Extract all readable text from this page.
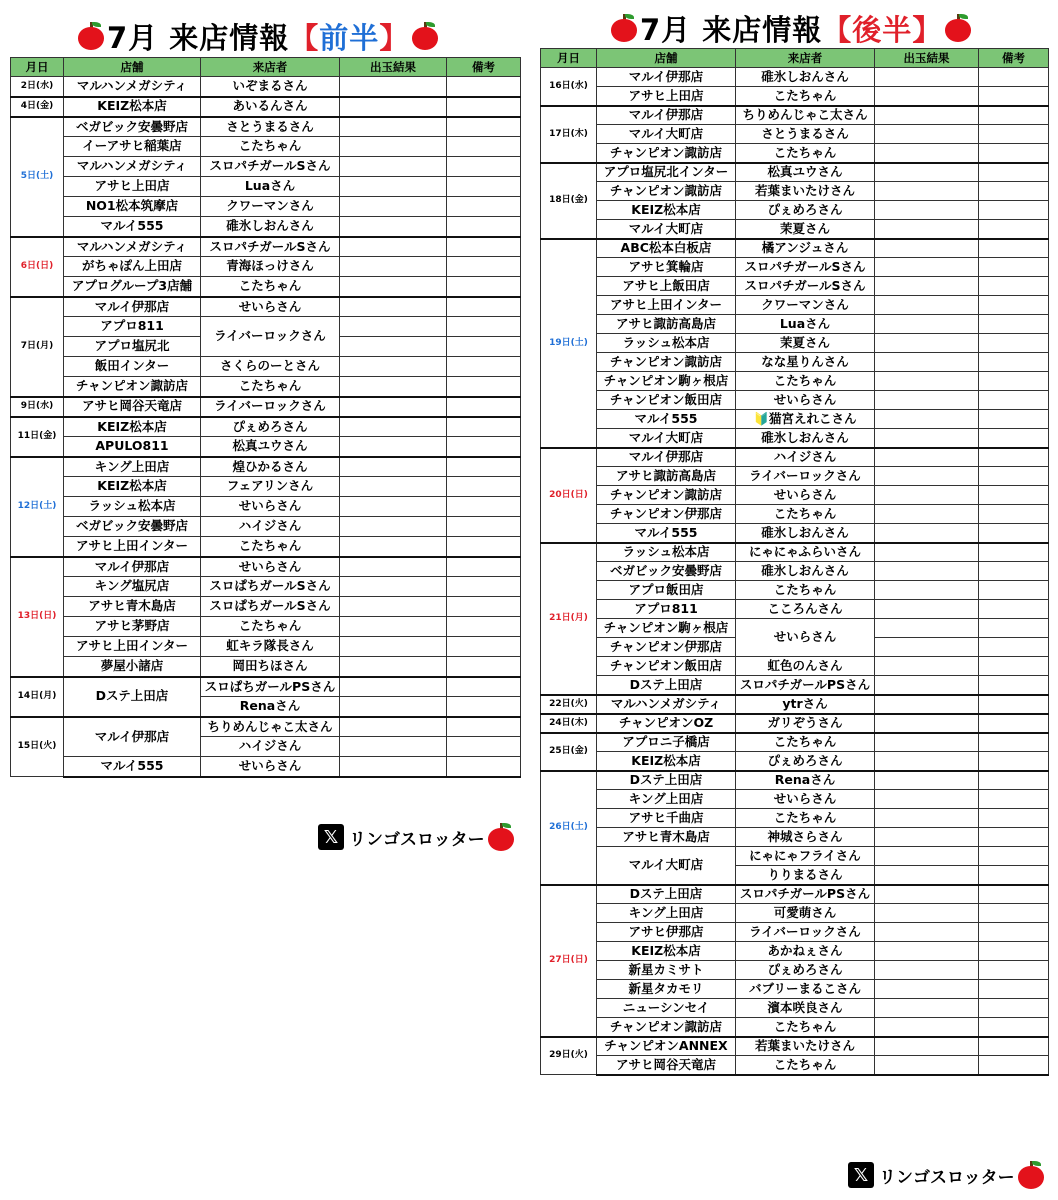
7月 来店情報 【 前半 】	7月 来店情報 【 後半 】
月日	店舗	来店者	出玉結果	備考
2日(水)	マルハンメガシティ	いぞまるさん		
4日(金)	KEIZ松本店	あいるんさん		
5日(土)	ベガビック安曇野店	さとうまるさん		
	イーアサヒ稲葉店	こたちゃん		
	マルハンメガシティ	スロパチガールSさん		
	アサヒ上田店	Luaさん		
	NO1松本筑摩店	クワーマンさん		
	マルイ555	碓氷しおんさん		
6日(日)	マルハンメガシティ	スロパチガールSさん		
	がちゃぽん上田店	青海ほっけさん		
	アプログループ3店舗	こたちゃん		
7日(月)	マルイ伊那店	せいらさん		
	アプロ811	ライバーロックさん		
	アプロ塩尻北			
	飯田インター	さくらのーとさん		
	チャンピオン諏訪店	こたちゃん		
9日(水)	アサヒ岡谷天竜店	ライバーロックさん		
11日(金)	KEIZ松本店	ぴぇめろさん		
	APULO811	松真ユウさん		
12日(土)	キング上田店	煌ひかるさん		
	KEIZ松本店	フェアリンさん		
	ラッシュ松本店	せいらさん		
	ベガビック安曇野店	ハイジさん		
	アサヒ上田インター	こたちゃん		
13日(日)	マルイ伊那店	せいらさん		
	キング塩尻店	スロぱちガールSさん		
	アサヒ青木島店	スロぱちガールSさん		
	アサヒ茅野店	こたちゃん		
	アサヒ上田インター	虹キラ隊長さん		
	夢屋小諸店	岡田ちほさん		
14日(月)	Dステ上田店	スロぱちガールPSさん		
		Renaさん		
15日(火)	マルイ伊那店	ちりめんじゃこ太さん		
		ハイジさん		
	マルイ555	せいらさん		
月日	店舗	来店者	出玉結果	備考
16日(水)	マルイ伊那店	碓氷しおんさん		
	アサヒ上田店	こたちゃん		
17日(木)	マルイ伊那店	ちりめんじゃこ太さん		
	マルイ大町店	さとうまるさん		
	チャンピオン諏訪店	こたちゃん		
18日(金)	アプロ塩尻北インター	松真ユウさん		
	チャンピオン諏訪店	若葉まいたけさん		
	KEIZ松本店	ぴぇめろさん		
	マルイ大町店	茉夏さん		
19日(土)	ABC松本白板店	橘アンジュさん		
	アサヒ箕輪店	スロパチガールSさん		
	アサヒ上飯田店	スロパチガールSさん		
	アサヒ上田インター	クワーマンさん		
	アサヒ諏訪高島店	Luaさん		
	ラッシュ松本店	茉夏さん		
	チャンピオン諏訪店	なな星りんさん		
	チャンピオン駒ヶ根店	こたちゃん		
	チャンピオン飯田店	せいらさん		
	マルイ555	🔰猫宮えれこさん		
	マルイ大町店	碓氷しおんさん		
20日(日)	マルイ伊那店	ハイジさん		
	アサヒ諏訪高島店	ライバーロックさん		
	チャンピオン諏訪店	せいらさん		
	チャンピオン伊那店	こたちゃん		
	マルイ555	碓氷しおんさん		
21日(月)	ラッシュ松本店	にゃにゃふらいさん		
	ベガビック安曇野店	碓氷しおんさん		
	アプロ飯田店	こたちゃん		
	アプロ811	こころんさん		
	チャンピオン駒ヶ根店	せいらさん		
	チャンピオン伊那店			
	チャンピオン飯田店	虹色のんさん		
	Dステ上田店	スロパチガールPSさん		
22日(火)	マルハンメガシティ	ytrさん		
24日(木)	チャンピオンOZ	ガリぞうさん		
25日(金)	アプロニ子橋店	こたちゃん		
	KEIZ松本店	ぴぇめろさん		
26日(土)	Dステ上田店	Renaさん		
	キング上田店	せいらさん		
	アサヒ千曲店	こたちゃん		
	アサヒ青木島店	神城さらさん		
	マルイ大町店	にゃにゃフライさん		
		りりまるさん		
27日(日)	Dステ上田店	スロパチガールPSさん		
	キング上田店	可愛萌さん		
	アサヒ伊那店	ライバーロックさん		
	KEIZ松本店	あかねぇさん		
	新星カミサト	ぴぇめろさん		
	新星タカモリ	バブリーまるこさん		
	ニューシンセイ	濱本咲良さん		
	チャンピオン諏訪店	こたちゃん		
29日(火)	チャンピオンANNEX	若葉まいたけさん		
	アサヒ岡谷天竜店	こたちゃん		
𝕏 リンゴスロッター
𝕏 リンゴスロッター
